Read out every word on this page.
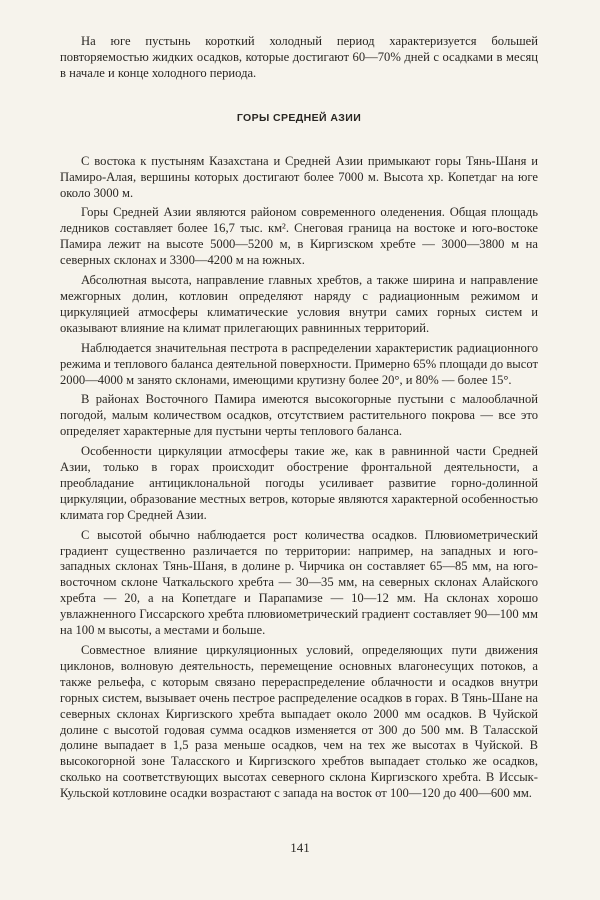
На юге пустынь короткий холодный период характеризуется большей повторяемостью жидких осадков, которые достигают 60—70% дней с осадками в месяц в начале и конце холодного периода.

ГОРЫ СРЕДНЕЙ АЗИИ

С востока к пустыням Казахстана и Средней Азии примыкают горы Тянь-Шаня и Памиро-Алая, вершины которых достигают более 7000 м. Высота хр. Копетдаг на юге около 3000 м.

Горы Средней Азии являются районом современного оледенения. Общая площадь ледников составляет более 16,7 тыс. км². Снеговая граница на востоке и юго-востоке Памира лежит на высоте 5000—5200 м, в Киргизском хребте — 3000—3800 м на северных склонах и 3300—4200 м на южных.

Абсолютная высота, направление главных хребтов, а также ширина и направление межгорных долин, котловин определяют наряду с радиационным режимом и циркуляцией атмосферы климатические условия внутри самих горных систем и оказывают влияние на климат прилегающих равнинных территорий.

Наблюдается значительная пестрота в распределении характеристик радиационного режима и теплового баланса деятельной поверхности. Примерно 65% площади до высот 2000—4000 м занято склонами, имеющими крутизну более 20°, и 80% — более 15°.

В районах Восточного Памира имеются высокогорные пустыни с малооблачной погодой, малым количеством осадков, отсутствием растительного покрова — все это определяет характерные для пустыни черты теплового баланса.

Особенности циркуляции атмосферы такие же, как в равнинной части Средней Азии, только в горах происходит обострение фронтальной деятельности, а преобладание антициклональной погоды усиливает развитие горно-долинной циркуляции, образование местных ветров, которые являются характерной особенностью климата гор Средней Азии.

С высотой обычно наблюдается рост количества осадков. Плювиометрический градиент существенно различается по территории: например, на западных и юго-западных склонах Тянь-Шаня, в долине р. Чирчика он составляет 65—85 мм, на юго-восточном склоне Чаткальского хребта — 30—35 мм, на северных склонах Алайского хребта — 20, а на Копетдаге и Парапамизе — 10—12 мм. На склонах хорошо увлажненного Гиссарского хребта плювиометрический градиент составляет 90—100 мм на 100 м высоты, а местами и больше.

Совместное влияние циркуляционных условий, определяющих пути движения циклонов, волновую деятельность, перемещение основных влагонесущих потоков, а также рельефа, с которым связано перераспределение облачности и осадков внутри горных систем, вызывает очень пестрое распределение осадков в горах. В Тянь-Шане на северных склонах Киргизского хребта выпадает около 2000 мм осадков. В Чуйской долине с высотой годовая сумма осадков изменяется от 300 до 500 мм. В Таласской долине выпадает в 1,5 раза меньше осадков, чем на тех же высотах в Чуйской. В высокогорной зоне Таласского и Киргизского хребтов выпадает столько же осадков, сколько на соответствующих высотах северного склона Киргизского хребта. В Иссык-Кульской котловине осадки возрастают с запада на восток от 100—120 до 400—600 мм.

141
